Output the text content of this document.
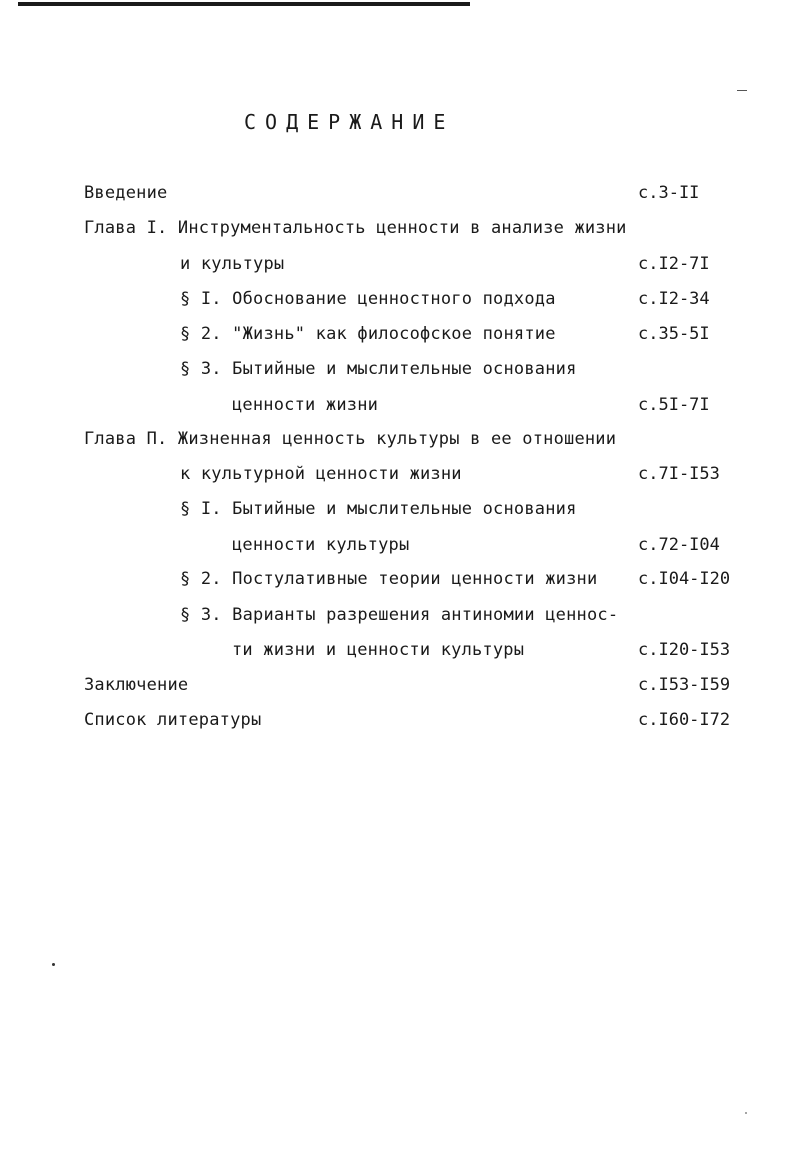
СОДЕРЖАНИЕ
Введение	с.3-II
Глава I. Инструментальность ценности в анализе жизни
и культуры	с.I2-7I
§ I. Обоснование ценностного подхода	с.I2-34
§ 2. "Жизнь" как философское понятие	с.35-5I
§ 3. Бытийные и мыслительные основания
ценности жизни	с.5I-7I
Глава П. Жизненная ценность культуры в ее отношении
к культурной ценности жизни	с.7I-I53
§ I. Бытийные и мыслительные основания
ценности культуры	с.72-I04
§ 2. Постулативные теории ценности жизни с.I04-I20
§ 3. Варианты разрешения антиномии ценнос-
ти жизни и ценности культуры	с.I20-I53
Заключение	с.I53-I59
Список литературы	с.I60-I72
